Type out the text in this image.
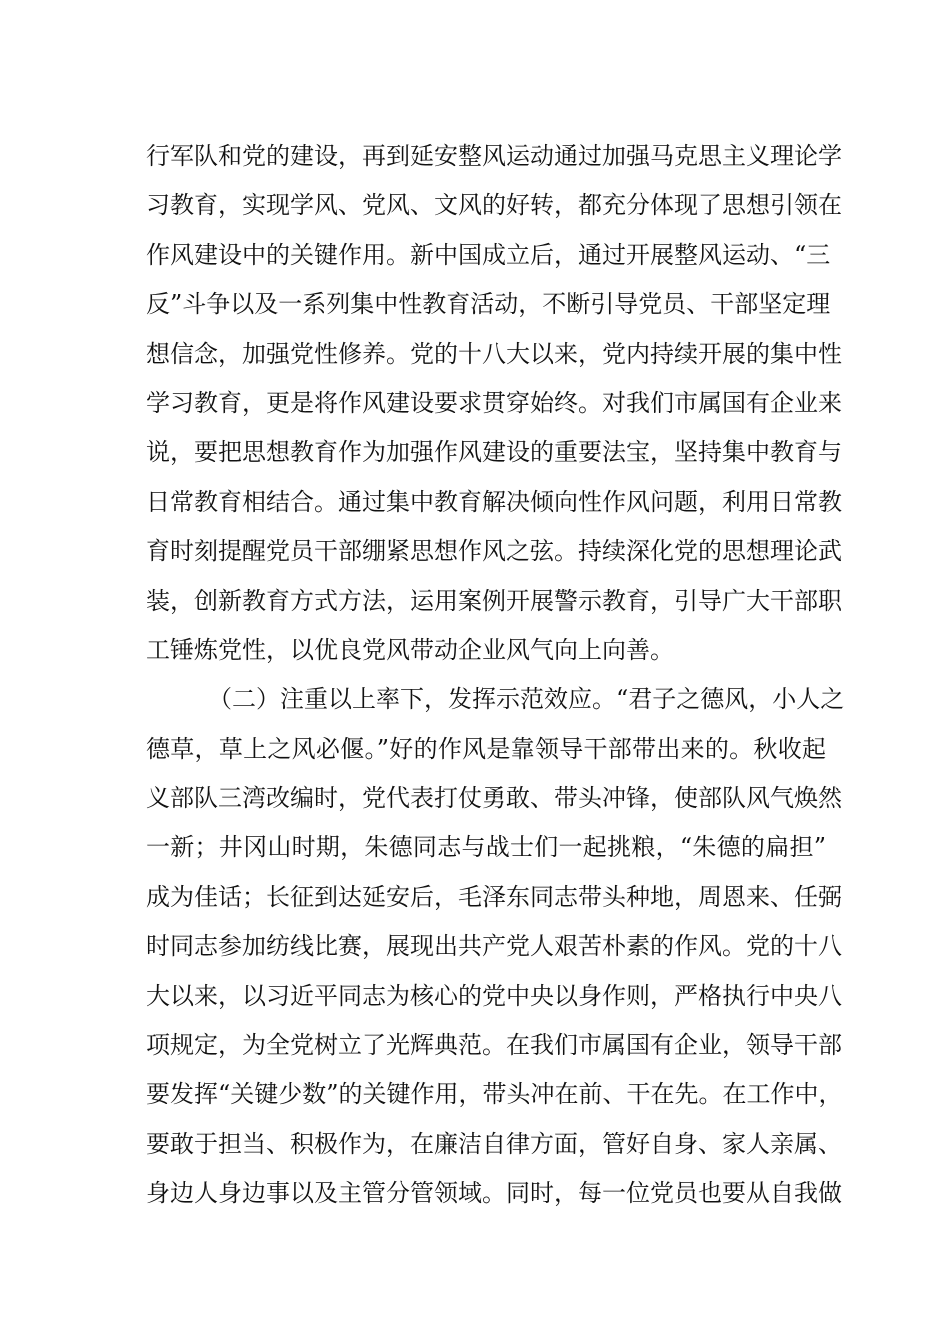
行军队和党的建设，再到延安整风运动通过加强马克思主义理论学
习教育，实现学风、党风、文风的好转，都充分体现了思想引领在
作风建设中的关键作用。新中国成立后，通过开展整风运动、“三
反”斗争以及一系列集中性教育活动，不断引导党员、干部坚定理
想信念，加强党性修养。党的十八大以来，党内持续开展的集中性
学习教育，更是将作风建设要求贯穿始终。对我们市属国有企业来
说，要把思想教育作为加强作风建设的重要法宝，坚持集中教育与
日常教育相结合。通过集中教育解决倾向性作风问题，利用日常教
育时刻提醒党员干部绷紧思想作风之弦。持续深化党的思想理论武
装，创新教育方式方法，运用案例开展警示教育，引导广大干部职
工锤炼党性，以优良党风带动企业风气向上向善。
（二）注重以上率下，发挥示范效应。“君子之德风，小人之
德草，草上之风必偃。”好的作风是靠领导干部带出来的。秋收起
义部队三湾改编时，党代表打仗勇敢、带头冲锋，使部队风气焕然
一新；井冈山时期，朱德同志与战士们一起挑粮，“朱德的扁担”
成为佳话；长征到达延安后，毛泽东同志带头种地，周恩来、任弼
时同志参加纺线比赛，展现出共产党人艰苦朴素的作风。党的十八
大以来，以习近平同志为核心的党中央以身作则，严格执行中央八
项规定，为全党树立了光辉典范。在我们市属国有企业，领导干部
要发挥“关键少数”的关键作用，带头冲在前、干在先。在工作中，
要敢于担当、积极作为，在廉洁自律方面，管好自身、家人亲属、
身边人身边事以及主管分管领域。同时，每一位党员也要从自我做
